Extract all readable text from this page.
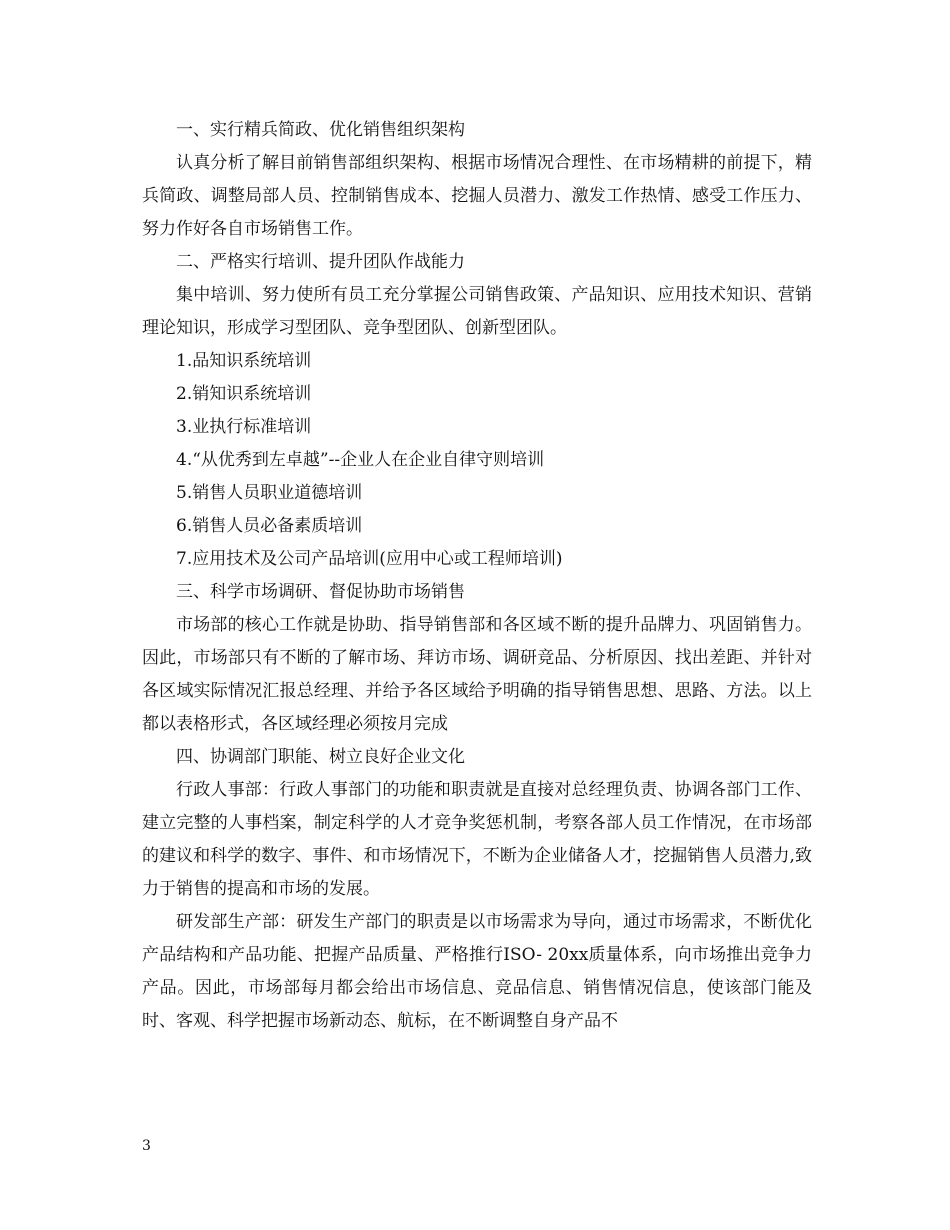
一、实行精兵简政、优化销售组织架构

认真分析了解目前销售部组织架构、根据市场情况合理性、在市场精耕的前提下，精兵简政、调整局部人员、控制销售成本、挖掘人员潜力、激发工作热情、感受工作压力、努力作好各自市场销售工作。

二、严格实行培训、提升团队作战能力

集中培训、努力使所有员工充分掌握公司销售政策、产品知识、应用技术知识、营销理论知识，形成学习型团队、竞争型团队、创新型团队。

1.品知识系统培训

2.销知识系统培训

3.业执行标准培训

4.“从优秀到左卓越”--企业人在企业自律守则培训

5.销售人员职业道德培训

6.销售人员必备素质培训

7.应用技术及公司产品培训(应用中心或工程师培训)

三、科学市场调研、督促协助市场销售

市场部的核心工作就是协助、指导销售部和各区域不断的提升品牌力、巩固销售力。因此，市场部只有不断的了解市场、拜访市场、调研竞品、分析原因、找出差距、并针对各区域实际情况汇报总经理、并给予各区域给予明确的指导销售思想、思路、方法。以上都以表格形式，各区域经理必须按月完成

四、协调部门职能、树立良好企业文化

行政人事部：行政人事部门的功能和职责就是直接对总经理负责、协调各部门工作、建立完整的人事档案，制定科学的人才竞争奖惩机制，考察各部人员工作情况，在市场部的建议和科学的数字、事件、和市场情况下，不断为企业储备人才，挖掘销售人员潜力,致力于销售的提高和市场的发展。

研发部生产部：研发生产部门的职责是以市场需求为导向，通过市场需求，不断优化产品结构和产品功能、把握产品质量、严格推行ISO- 20xx质量体系，向市场推出竞争力产品。因此，市场部每月都会给出市场信息、竞品信息、销售情况信息，使该部门能及时、客观、科学把握市场新动态、航标，在不断调整自身产品不

3
